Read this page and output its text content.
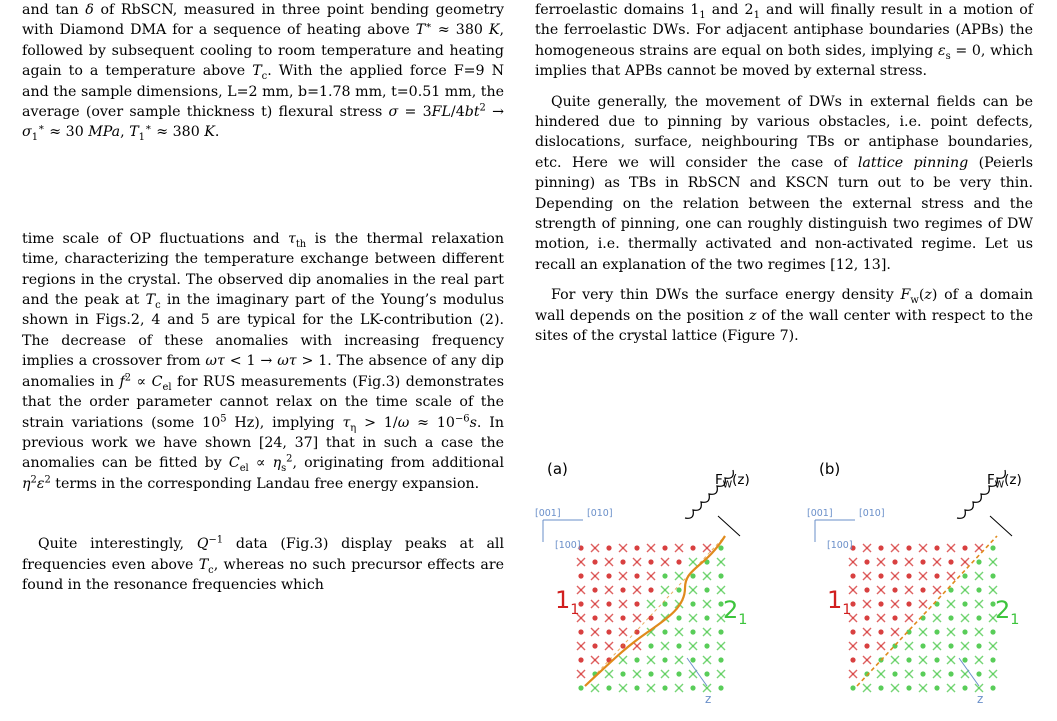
and tan δ of RbSCN, measured in three point bending geometry with Diamond DMA for a sequence of heating above T∗ ≈ 380 K, followed by subsequent cooling to room temperature and heating again to a temperature above $T_c$. With the applied force F=9 N and the sample dimensions, L=2 mm, b=1.78 mm, t=0.51 mm, the average (over sample thickness t) flexural stress $\sigma = 3FL/4bt^2 \to \sigma_1^∗ \approx 30$ MPa, $T_1^∗ \approx 380$ K.

time scale of OP fluctuations and $\tau_{th}$ is the thermal relaxation time, characterizing the temperature exchange between different regions in the crystal. The observed dip anomalies in the real part and the peak at $T_c$ in the imaginary part of the Young’s modulus shown in Figs.2, 4 and 5 are typical for the LK-contribution (2). The decrease of these anomalies with increasing frequency implies a crossover from ωτ < 1 → ωτ > 1. The absence of any dip anomalies in $f^2 \propto C_{el}$ for RUS measurements (Fig.3) demonstrates that the order parameter cannot relax on the time scale of the strain variations (some $10^5$ Hz), implying $\tau_\eta > 1/\omega \approx 10^{-6}s$. In previous work we have shown [24, 37] that in such a case the anomalies can be fitted by $C_{el} \propto \eta_s^2$, originating from additional $\eta^2\varepsilon^2$ terms in the corresponding Landau free energy expansion.

Quite interestingly, $Q^{-1}$ data (Fig.3) display peaks at all frequencies even above $T_c$, whereas no such precursor effects are found in the resonance frequencies which

ferroelastic domains $1_1$ and $2_1$ and will finally result in a motion of the ferroelastic DWs. For adjacent antiphase boundaries (APBs) the homogeneous strains are equal on both sides, implying $\varepsilon_s = 0$, which implies that APBs cannot be moved by external stress.

Quite generally, the movement of DWs in external fields can be hindered due to pinning by various obstacles, i.e. point defects, dislocations, surface, neighbouring TBs or antiphase boundaries, etc. Here we will consider the case of lattice pinning (Peierls pinning) as TBs in RbSCN and KSCN turn out to be very thin. Depending on the relation between the external stress and the strength of pinning, one can roughly distinguish two regimes of DW motion, i.e. thermally activated and non-activated regime. Let us recall an explanation of the two regimes [12, 13].

For very thin DWs the surface energy density $F_w(z)$ of a domain wall depends on the position z of the wall center with respect to the sites of the crystal lattice (Figure 7).

(a)
$F_W(z)$
[001]	[010]
[100]
$1_1$	$2_1$
z
(b)
$F_W(z)$
[001]	[010]
[100]
$1_1$	$2_1$
z
